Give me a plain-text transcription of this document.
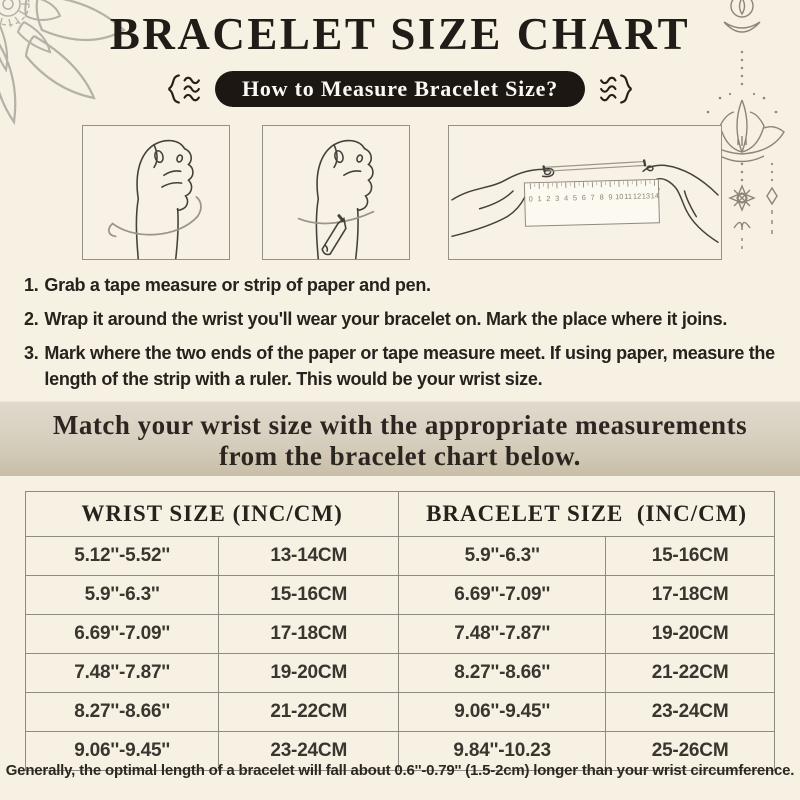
BRACELET SIZE CHART
How to Measure Bracelet Size?
0 1 2 3 4 5 6 7 8 9 10 11 12 13 14
1. Grab a tape measure or strip of paper and pen.
2. Wrap it around the wrist you'll wear your bracelet on. Mark the place where it joins.
3. Mark where the two ends of the paper or tape measure meet. If using paper, measure the length of the strip with a ruler. This would be your wrist size.
Match your wrist size with the appropriate measurements
from the bracelet chart below.
WRIST SIZE (INC/CM)		BRACELET SIZE  (INC/CM)	
5.12''-5.52''	13-14CM	5.9''-6.3''	15-16CM
5.9''-6.3''	15-16CM	6.69''-7.09''	17-18CM
6.69''-7.09''	17-18CM	7.48''-7.87''	19-20CM
7.48''-7.87''	19-20CM	8.27''-8.66''	21-22CM
8.27''-8.66''	21-22CM	9.06''-9.45''	23-24CM
9.06''-9.45''	23-24CM	9.84''-10.23	25-26CM
Generally, the optimal length of a bracelet will fall about 0.6''-0.79'' (1.5-2cm) longer than your wrist circumference.
